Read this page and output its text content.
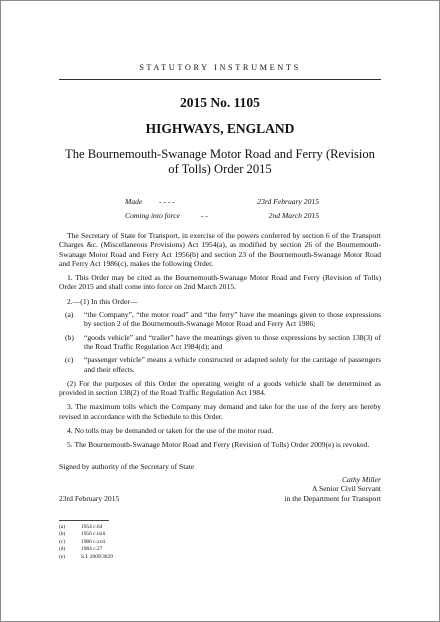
STATUTORY INSTRUMENTS
2015 No. 1105
HIGHWAYS, ENGLAND
The Bournemouth-Swanage Motor Road and Ferry (Revision of Tolls) Order 2015
Made - - - -	23rd February 2015
Coming into force	- -	2nd March 2015

The Secretary of State for Transport, in exercise of the powers conferred by section 6 of the Transport Charges &c. (Miscellaneous Provisions) Act 1954(a), as modified by section 26 of the Bournemouth-Swanage Motor Road and Ferry Act 1956(b) and section 23 of the Bournemouth-Swanage Motor Road and Ferry Act 1986(c), makes the following Order.

1. This Order may be cited as the Bournemouth-Swanage Motor Road and Ferry (Revision of Tolls) Order 2015 and shall come into force on 2nd March 2015.

2.—(1) In this Order—

(a) “the Company”, “the motor road” and “the ferry” have the meanings given to those expressions by section 2 of the Bournemouth-Swanage Motor Road and Ferry Act 1986;
(b) “goods vehicle” and “trailer” have the meanings given to those expressions by section 138(3) of the Road Traffic Regulation Act 1984(d); and
(c) “passenger vehicle” means a vehicle constructed or adapted solely for the carriage of passengers and their effects.

(2) For the purposes of this Order the operating weight of a goods vehicle shall be determined as provided in section 138(2) of the Road Traffic Regulation Act 1984.

3. The maximum tolls which the Company may demand and take for the use of the ferry are hereby revised in accordance with the Schedule to this Order.

4. No tolls may be demanded or taken for the use of the motor road.

5. The Bournemouth-Swanage Motor Road and Ferry (Revision of Tolls) Order 2009(e) is revoked.

Signed by authority of the Secretary of State

Cathy Miller
A Senior Civil Servant
in the Department for Transport
23rd February 2015
(a)	1954 c.64
(b)	1956 c.lxiii
(c)	1986 c.xvii
(d)	1984 c.27
(e)	S.I. 2009/3029
